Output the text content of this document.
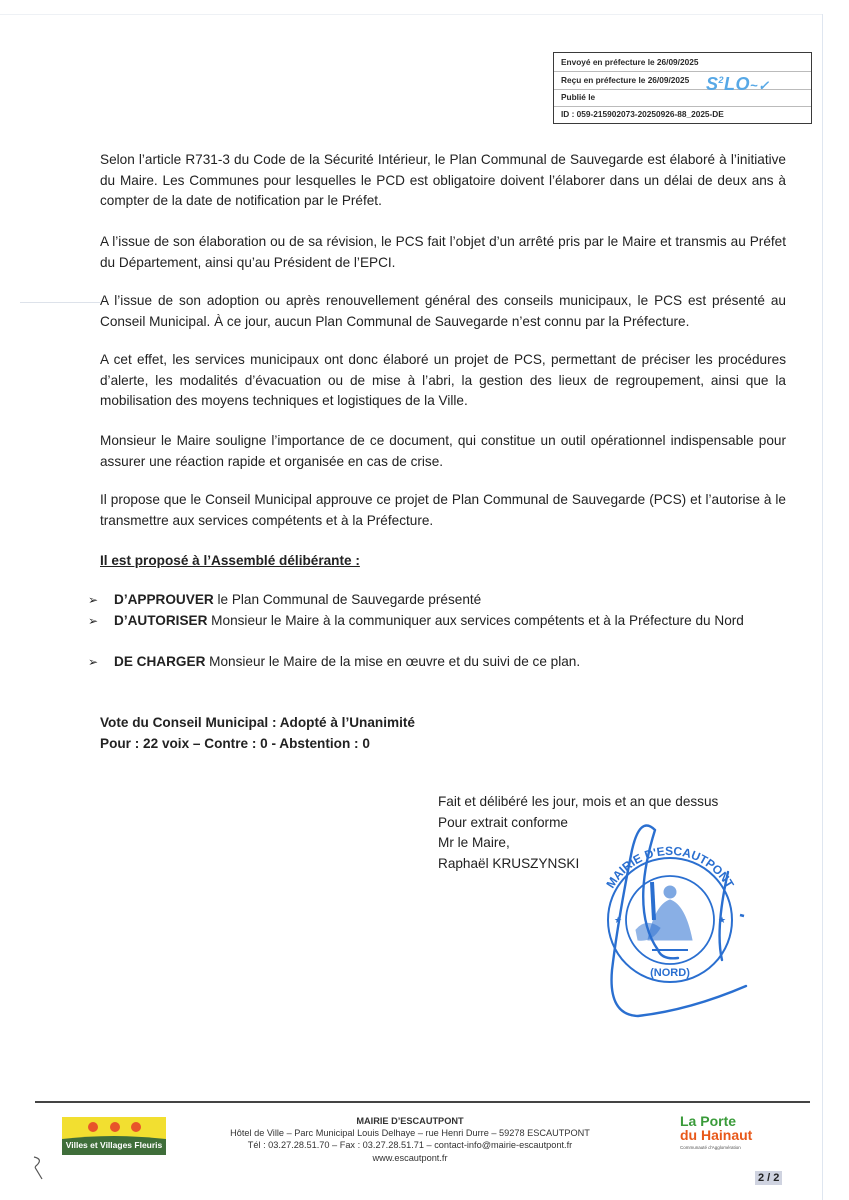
Envoyé en préfecture le 26/09/2025
Reçu en préfecture le 26/09/2025
Publié le
ID : 059-215902073-20250926-88_2025-DE
$S^2LO\sim✓$
Selon l’article R731-3 du Code de la Sécurité Intérieur, le Plan Communal de Sauvegarde est élaboré à l’initiative du Maire. Les Communes pour lesquelles le PCD est obligatoire doivent l’élaborer dans un délai de deux ans à compter de la date de notification par le Préfet.
A l’issue de son élaboration ou de sa révision, le PCS fait l’objet d’un arrêté pris par le Maire et transmis au Préfet du Département, ainsi qu’au Président de l’EPCI.
A l’issue de son adoption ou après renouvellement général des conseils municipaux, le PCS est présenté au Conseil Municipal. À ce jour, aucun Plan Communal de Sauvegarde n’est connu par la Préfecture.
A cet effet, les services municipaux ont donc élaboré un projet de PCS, permettant de préciser les procédures d’alerte, les modalités d’évacuation ou de mise à l’abri, la gestion des lieux de regroupement, ainsi que la mobilisation des moyens techniques et logistiques de la Ville.
Monsieur le Maire souligne l’importance de ce document, qui constitue un outil opérationnel indispensable pour assurer une réaction rapide et organisée en cas de crise.
Il propose que le Conseil Municipal approuve ce projet de Plan Communal de Sauvegarde (PCS) et l’autorise à le transmettre aux services compétents et à la Préfecture.
Il est proposé à l’Assemblé délibérante :
➢	D’APPROUVER le Plan Communal de Sauvegarde présenté
➢	D’AUTORISER Monsieur le Maire à la communiquer aux services compétents et à la Préfecture du Nord
➢	DE CHARGER Monsieur le Maire de la mise en œuvre et du suivi de ce plan.
Vote du Conseil Municipal : Adopté à l’Unanimité
Pour : 22 voix – Contre : 0 - Abstention : 0
Fait et délibéré les jour, mois et an que dessus
Pour extrait conforme
Mr le Maire,
Raphaël KRUSZYNSKI
MAIRIE D'ESCAUTPONT
(NORD)
★	★
Villes et Villages Fleuris
MAIRIE D’ESCAUTPONT
Hôtel de Ville – Parc Municipal Louis Delhaye – rue Henri Durre – 59278 ESCAUTPONT
Tél : 03.27.28.51.70 – Fax : 03.27.28.51.71 – contact-info@mairie-escautpont.fr
www.escautpont.fr
La Porte
du Hainaut
Communauté d’Agglomération
2 / 2
